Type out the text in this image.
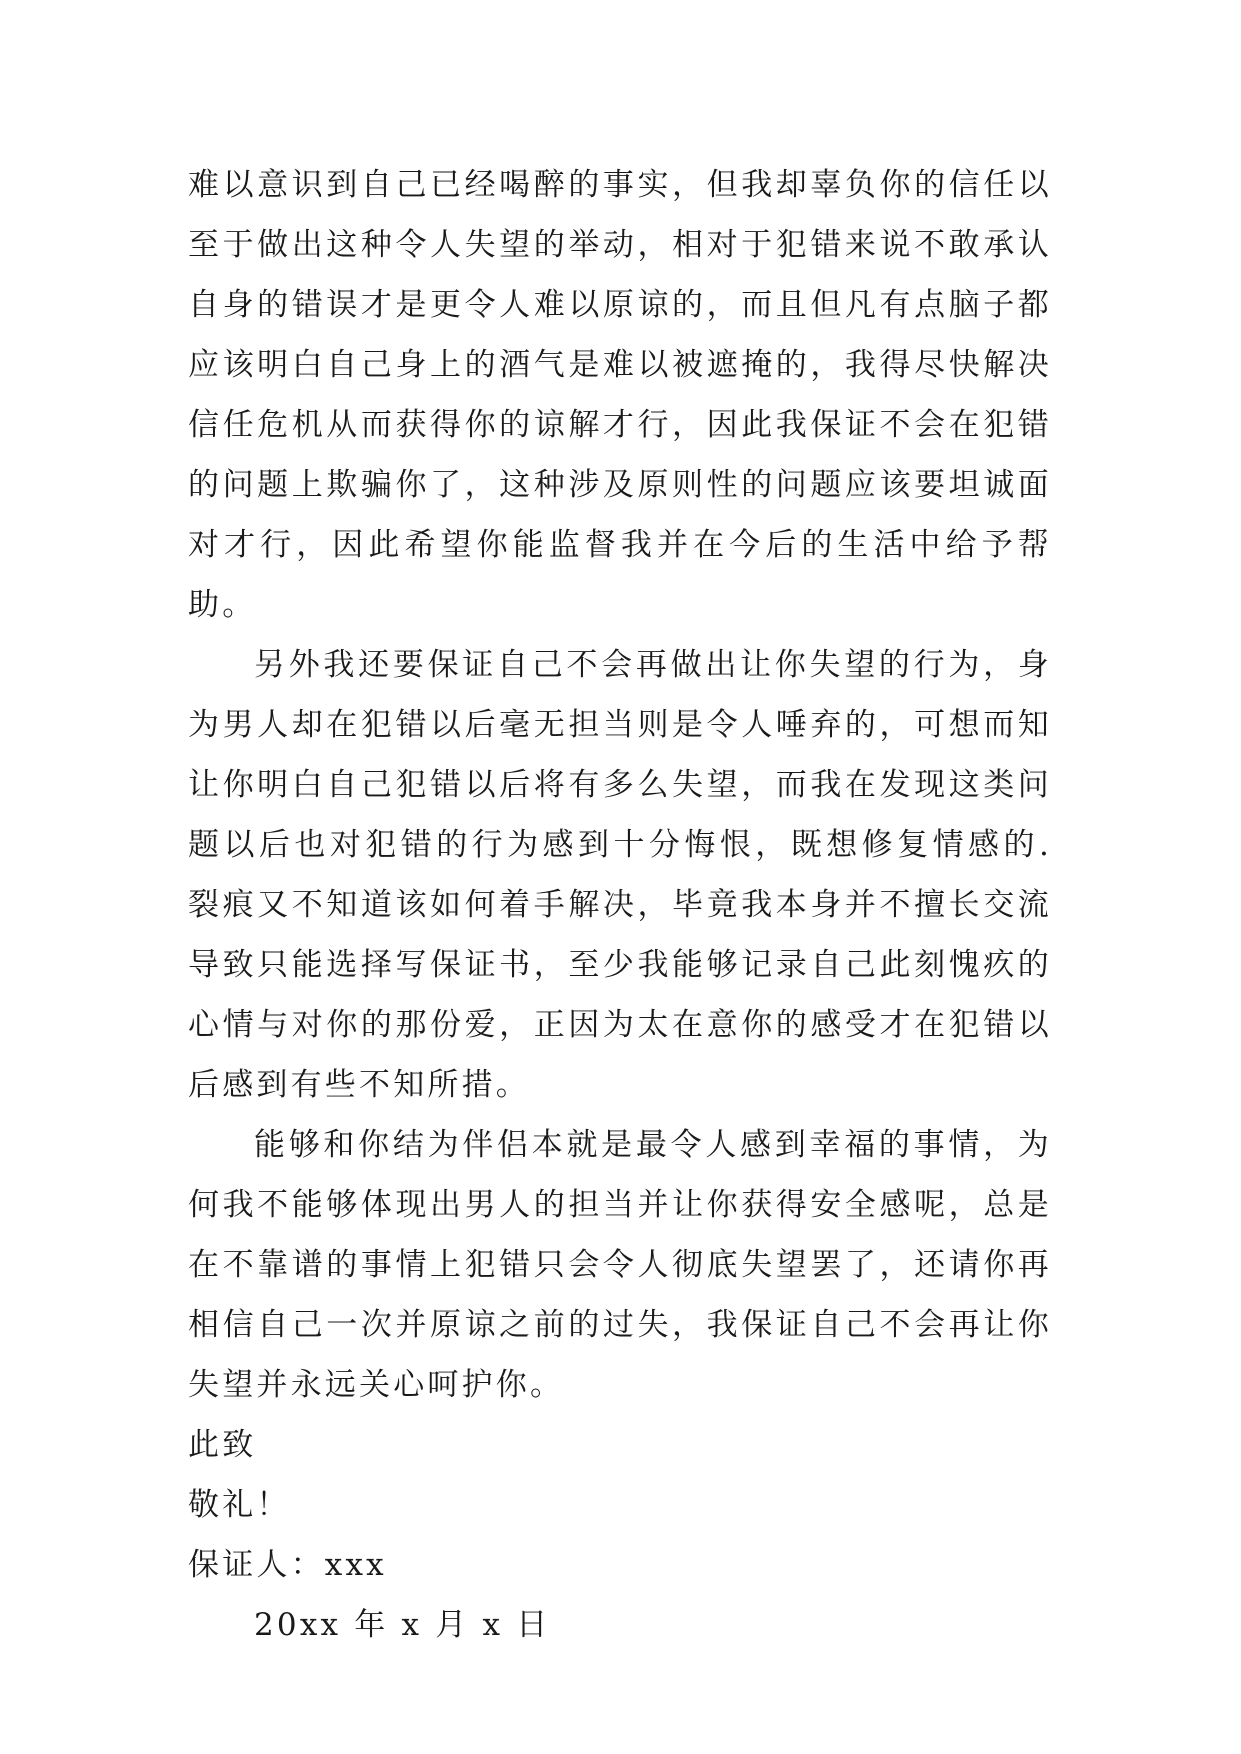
难以意识到自己已经喝醉的事实，但我却辜负你的信任以至于做出这种令人失望的举动，相对于犯错来说不敢承认自身的错误才是更令人难以原谅的，而且但凡有点脑子都应该明白自己身上的酒气是难以被遮掩的，我得尽快解决信任危机从而获得你的谅解才行，因此我保证不会在犯错的问题上欺骗你了，这种涉及原则性的问题应该要坦诚面对才行，因此希望你能监督我并在今后的生活中给予帮助。

另外我还要保证自己不会再做出让你失望的行为，身为男人却在犯错以后毫无担当则是令人唾弃的，可想而知让你明白自己犯错以后将有多么失望，而我在发现这类问题以后也对犯错的行为感到十分悔恨，既想修复情感的.裂痕又不知道该如何着手解决，毕竟我本身并不擅长交流导致只能选择写保证书，至少我能够记录自己此刻愧疚的心情与对你的那份爱，正因为太在意你的感受才在犯错以后感到有些不知所措。

能够和你结为伴侣本就是最令人感到幸福的事情，为何我不能够体现出男人的担当并让你获得安全感呢，总是在不靠谱的事情上犯错只会令人彻底失望罢了，还请你再相信自己一次并原谅之前的过失，我保证自己不会再让你失望并永远关心呵护你。

此致

敬礼！

保证人：xxx

20xx 年 x 月 x 日
